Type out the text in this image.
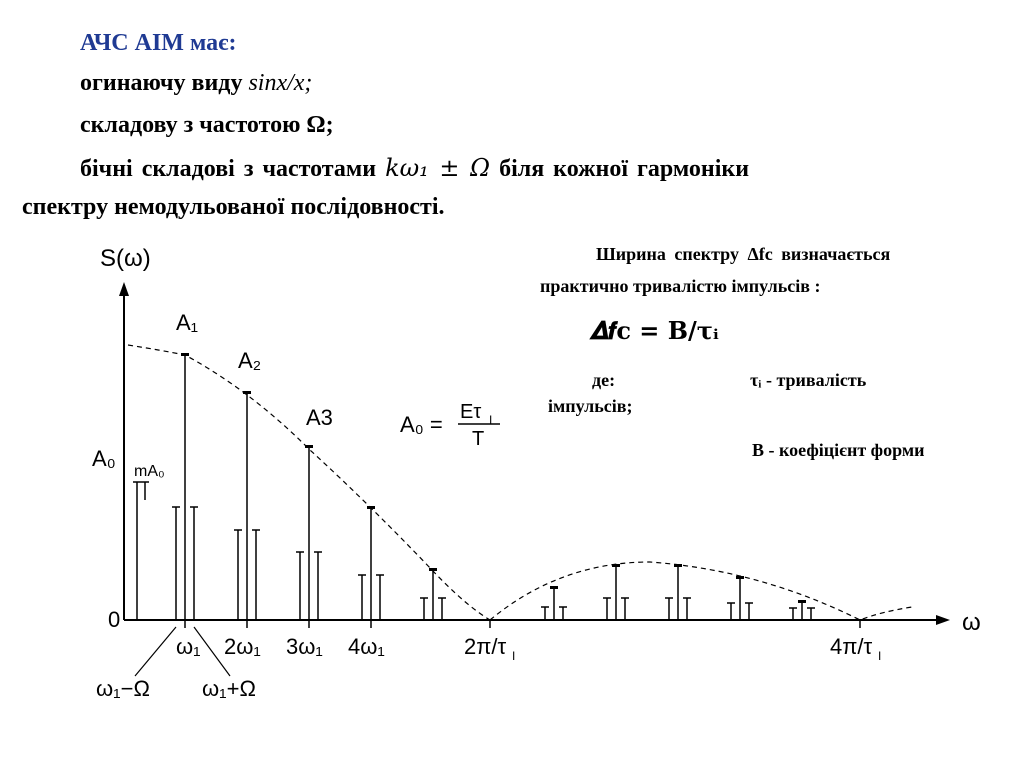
АЧС АІМ має:
огинаючу виду sinx/x;
складову з частотою Ω;
бічні складові з частотами kω₁ ± Ω біля кожної гармоніки
спектру немодульованої послідовності.
S(ω)
ω
A₀
mA₀
0
A₁
A₂
A3	A₀ = Eτ I
T
ω₁ 2ω₁ 3ω₁ 4ω₁	2π/τ I	4π/τ I
ω₁−Ω ω₁+Ω
Ширина спектру Δfc визначається
практично тривалістю імпульсів :
𝜟𝒇с = B/τᵢ
де:	τᵢ - тривалість
імпульсів;
В - коефіцієнт форми
